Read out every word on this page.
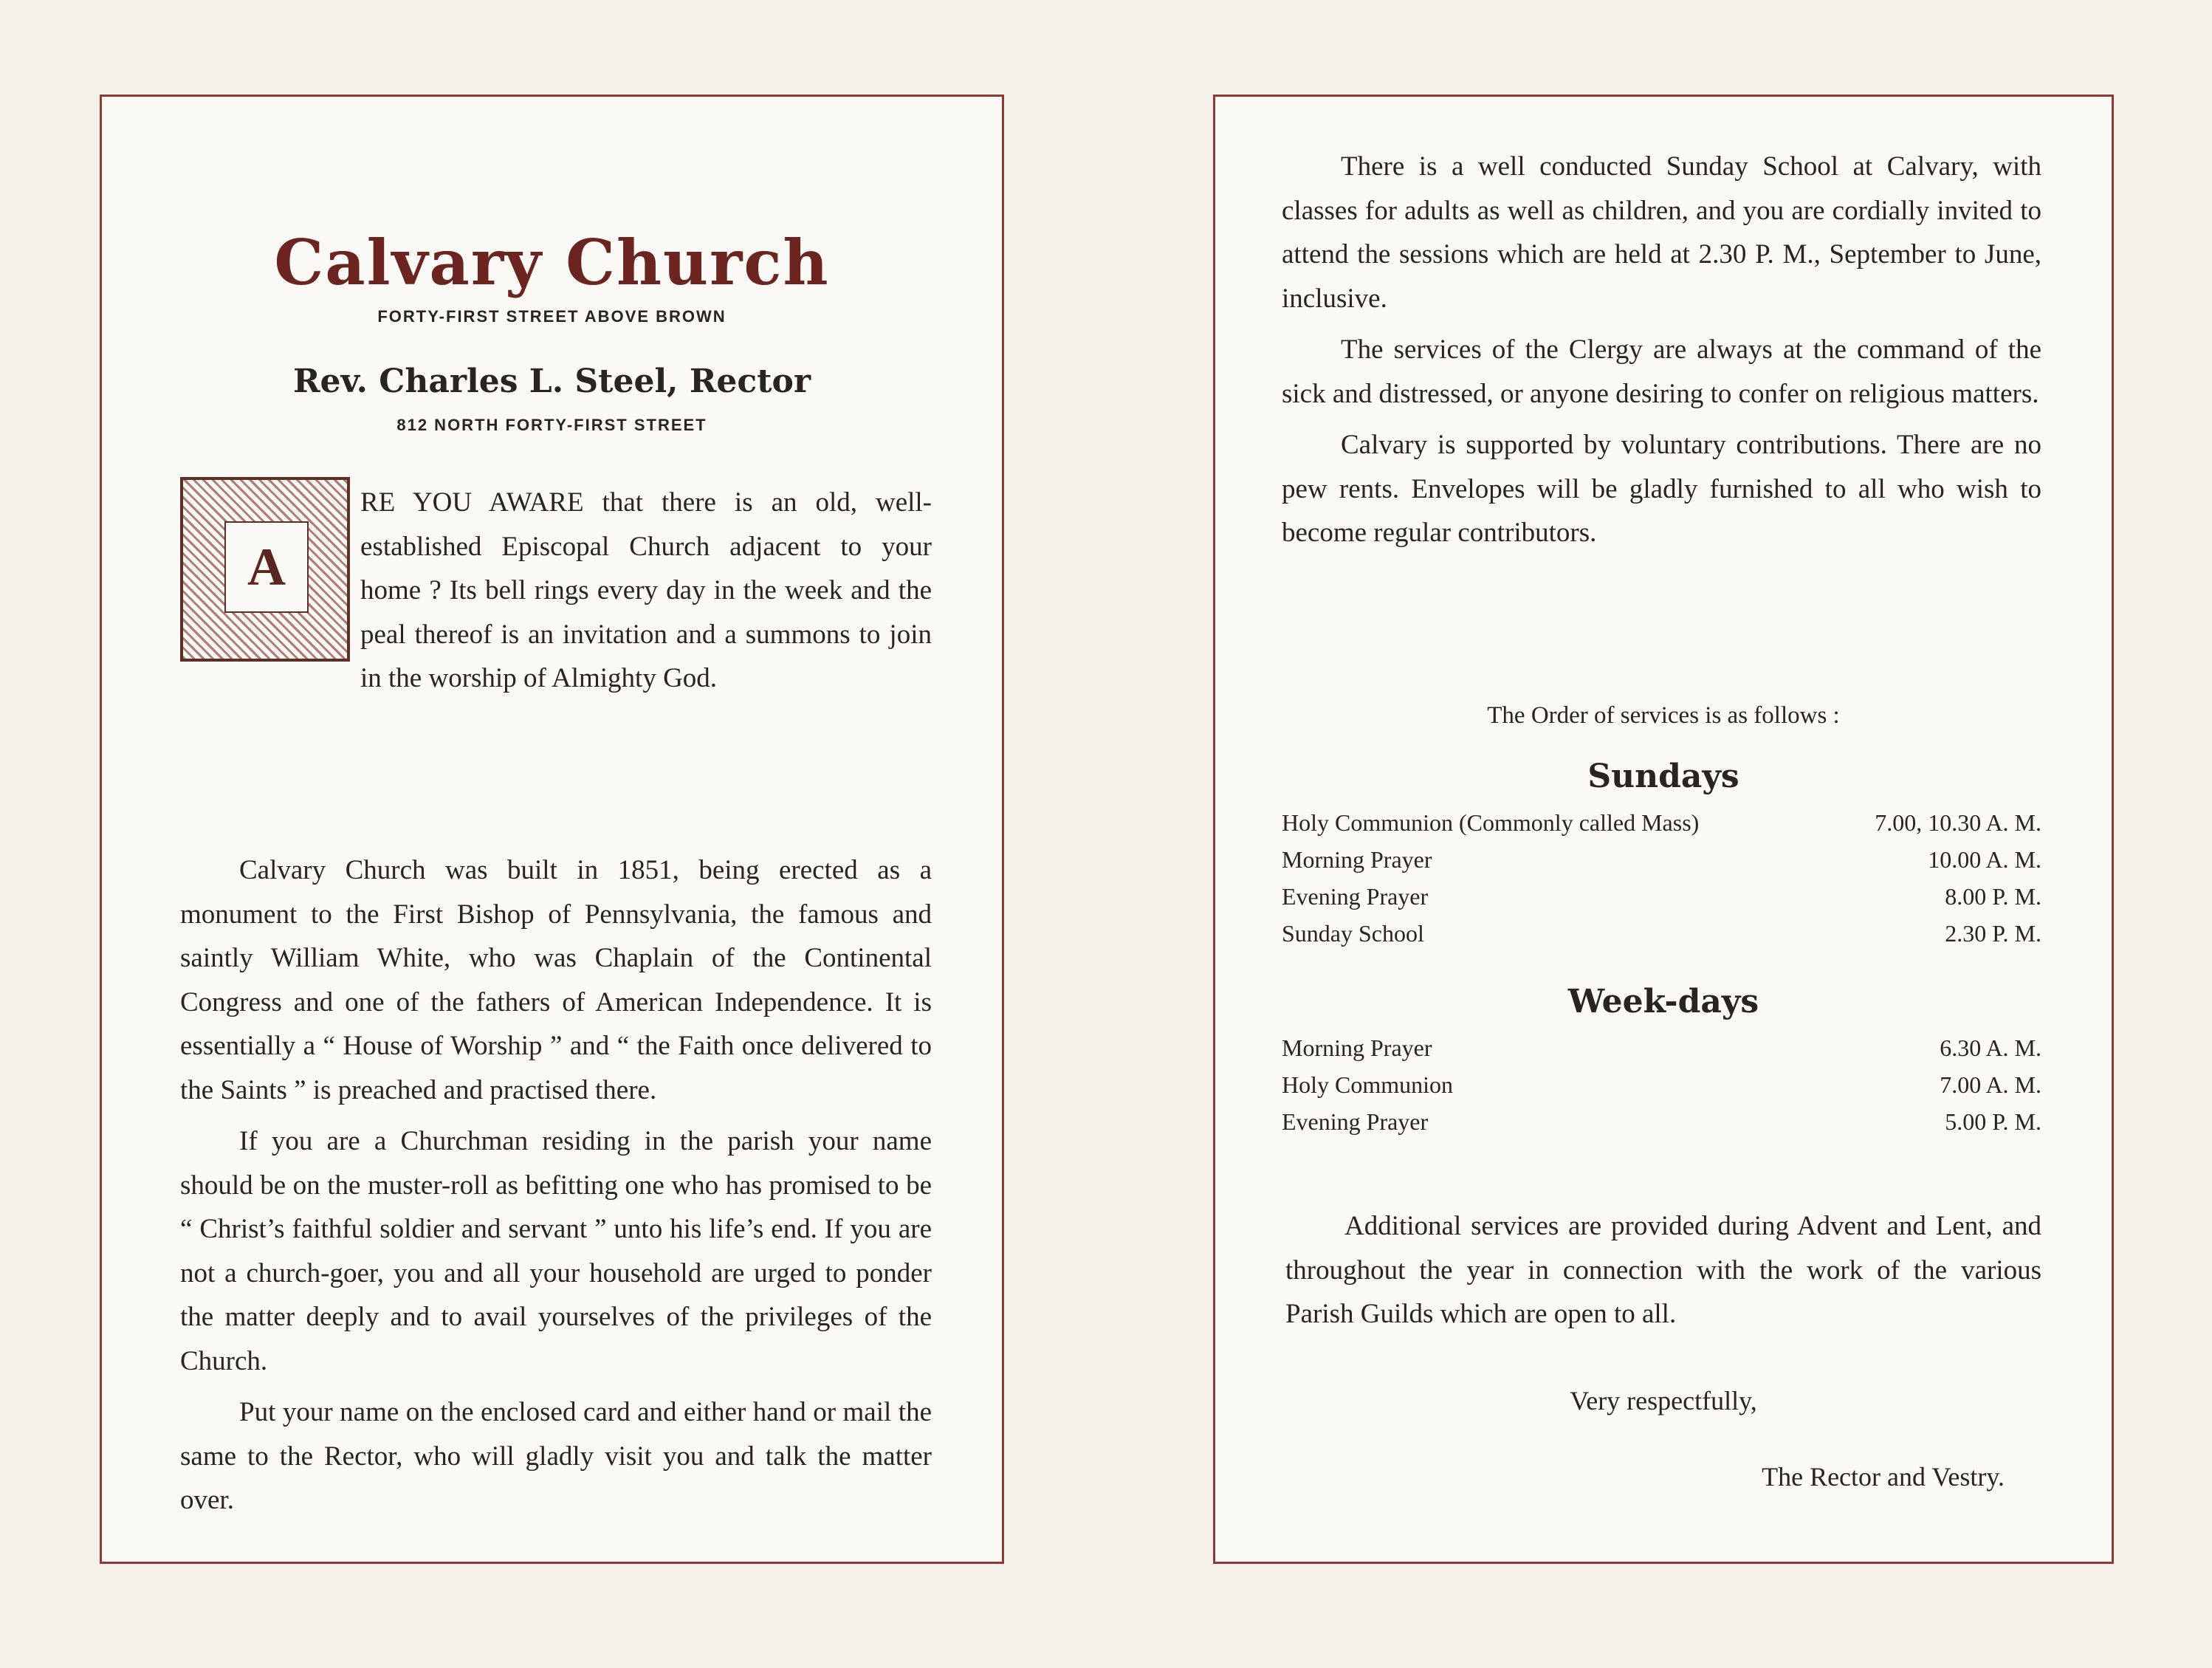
Calvary Church
FORTY-FIRST STREET ABOVE BROWN
Rev. Charles L. Steel, Rector
812 NORTH FORTY-FIRST STREET
A

RE YOU AWARE that there is an old, well-established Episcopal Church adjacent to your home ? Its bell rings every day in the week and the peal thereof is an invitation and a summons to join in the worship of Almighty God.

Calvary Church was built in 1851, being erected as a monument to the First Bishop of Pennsylvania, the famous and saintly William White, who was Chaplain of the Continental Congress and one of the fathers of American Independence. It is essentially a “ House of Worship ” and “ the Faith once delivered to the Saints ” is preached and practised there.

If you are a Churchman residing in the parish your name should be on the muster-roll as befitting one who has promised to be “ Christ’s faithful soldier and servant ” unto his life’s end. If you are not a church-goer, you and all your household are urged to ponder the matter deeply and to avail yourselves of the privileges of the Church.

Put your name on the enclosed card and either hand or mail the same to the Rector, who will gladly visit you and talk the matter over.

There is a well conducted Sunday School at Calvary, with classes for adults as well as children, and you are cordially invited to attend the sessions which are held at 2.30 P. M., September to June, inclusive.

The services of the Clergy are always at the command of the sick and distressed, or anyone desiring to confer on religious matters.

Calvary is supported by voluntary contributions. There are no pew rents. Envelopes will be gladly furnished to all who wish to become regular contributors.

The Order of services is as follows :
Sundays
Holy Communion (Commonly called Mass)	7.00, 10.30 A. M.
Morning Prayer	10.00 A. M.
Evening Prayer	8.00 P. M.
Sunday School	2.30 P. M.
Week-days
Morning Prayer	6.30 A. M.
Holy Communion	7.00 A. M.
Evening Prayer	5.00 P. M.

Additional services are provided during Advent and Lent, and throughout the year in connection with the work of the various Parish Guilds which are open to all.

Very respectfully,
The Rector and Vestry.
